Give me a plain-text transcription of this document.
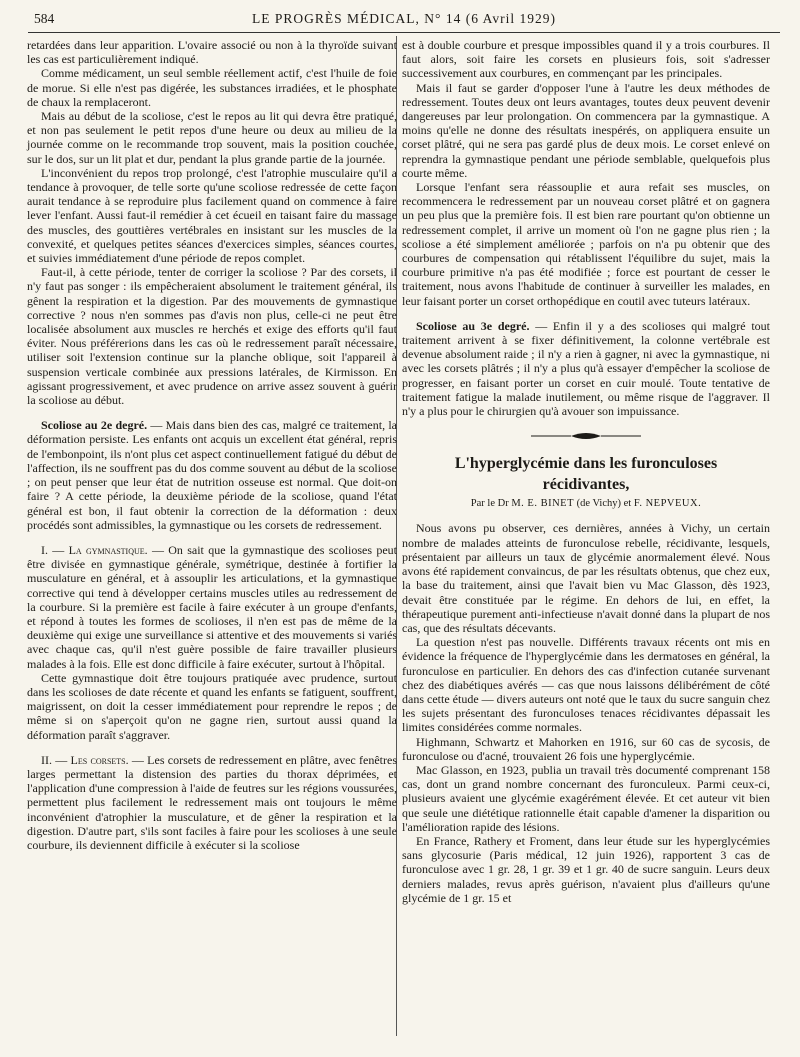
584	LE PROGRÈS MÉDICAL, N° 14 (6 Avril 1929)

retardées dans leur apparition. L'ovaire associé ou non à la thyroïde suivant les cas est particulièrement indiqué.

Comme médicament, un seul semble réellement actif, c'est l'huile de foie de morue. Si elle n'est pas digérée, les substances irradiées, et le phosphate de chaux la remplaceront.

Mais au début de la scoliose, c'est le repos au lit qui devra être pratiqué, et non pas seulement le petit repos d'une heure ou deux au milieu de la journée comme on le recommande trop souvent, mais la position couchée, sur le dos, sur un lit plat et dur, pendant la plus grande partie de la journée.

L'inconvénient du repos trop prolongé, c'est l'atrophie musculaire qu'il a tendance à provoquer, de telle sorte qu'une scoliose redressée de cette façon aurait tendance à se reproduire plus facilement quand on commence à faire lever l'enfant. Aussi faut-il remédier à cet écueil en taisant faire du massage des muscles, des gouttières vertébrales en insistant sur les muscles de la convexité, et quelques petites séances d'exercices simples, séances courtes, et suivies immédiatement d'une période de repos complet.

Faut-il, à cette période, tenter de corriger la scoliose ? Par des corsets, il n'y faut pas songer : ils empêcheraient absolument le traitement général, ils gênent la respiration et la digestion. Par des mouvements de gymnastique corrective ? nous n'en sommes pas d'avis non plus, celle-ci ne peut être localisée absolument aux muscles re herchés et exige des efforts qu'il faut éviter. Nous préférerions dans les cas où le redressement paraît nécessaire, utiliser soit l'extension continue sur la planche oblique, soit l'appareil à suspension verticale combinée aux pressions latérales, de Kirmisson. En agissant progressivement, et avec prudence on arrive assez souvent à guérir la scoliose au début.

Scoliose au 2e degré. — Mais dans bien des cas, malgré ce traitement, la déformation persiste. Les enfants ont acquis un excellent état général, repris de l'embonpoint, ils n'ont plus cet aspect continuellement fatigué du début de l'affection, ils ne souffrent pas du dos comme souvent au début de la scoliose ; on peut penser que leur état de nutrition osseuse est normal. Que doit-on faire ? A cette période, la deuxième période de la scoliose, quand l'état général est bon, il faut obtenir la correction de la déformation : deux procédés sont admissibles, la gymnastique ou les corsets de redressement.

I. — La gymnastique. — On sait que la gymnastique des scolioses peut être divisée en gymnastique générale, symétrique, destinée à fortifier la musculature en général, et à assouplir les articulations, et la gymnastique corrective qui tend à développer certains muscles utiles au redressement de la courbure. Si la première est facile à faire exécuter à un groupe d'enfants, et répond à toutes les formes de scolioses, il n'en est pas de même de la deuxième qui exige une surveillance si attentive et des mouvements si variés avec chaque cas, qu'il n'est guère possible de faire travailler plusieurs malades à la fois. Elle est donc difficile à faire exécuter, surtout à l'hôpital.

Cette gymnastique doit être toujours pratiquée avec prudence, surtout dans les scolioses de date récente et quand les enfants se fatiguent, souffrent, maigrissent, on doit la cesser immédiatement pour reprendre le repos ; de même si on s'aperçoit qu'on ne gagne rien, surtout aussi quand la déformation paraît s'aggraver.

II. — Les corsets. — Les corsets de redressement en plâtre, avec fenêtres larges permettant la distension des parties du thorax déprimées, et l'application d'une compression à l'aide de feutres sur les régions voussurées, permettent plus facilement le redressement mais ont toujours le même inconvénient d'atrophier la musculature, et de gêner la respiration et la digestion. D'autre part, s'ils sont faciles à faire pour les scolioses à une seule courbure, ils deviennent difficile à exécuter si la scoliose

est à double courbure et presque impossibles quand il y a trois courbures. Il faut alors, soit faire les corsets en plusieurs fois, soit s'adresser successivement aux courbures, en commençant par les principales.

Mais il faut se garder d'opposer l'une à l'autre les deux méthodes de redressement. Toutes deux ont leurs avantages, toutes deux peuvent devenir dangereuses par leur prolongation. On commencera par la gymnastique. A moins qu'elle ne donne des résultats inespérés, on appliquera ensuite un corset plâtré, qui ne sera pas gardé plus de deux mois. Le corset enlevé on reprendra la gymnastique pendant une période semblable, quelquefois plus courte même.

Lorsque l'enfant sera réassouplie et aura refait ses muscles, on recommencera le redressement par un nouveau corset plâtré et on gagnera un peu plus que la première fois. Il est bien rare pourtant qu'on obtienne un redressement complet, il arrive un moment où l'on ne gagne plus rien ; la scoliose a été simplement améliorée ; parfois on n'a pu obtenir que des courbures de compensation qui rétablissent l'équilibre du sujet, mais la courbure primitive n'a pas été modifiée ; force est pourtant de cesser le traitement, nous avons l'habitude de continuer à surveiller les malades, en leur faisant porter un corset orthopédique en coutil avec tuteurs latéraux.

Scoliose au 3e degré. — Enfin il y a des scolioses qui malgré tout traitement arrivent à se fixer définitivement, la colonne vertébrale est devenue absolument raide ; il n'y a rien à gagner, ni avec la gymnastique, ni avec les corsets plâtrés ; il n'y a plus qu'à essayer d'empêcher la scoliose de progresser, en faisant porter un corset en cuir moulé. Toute tentative de traitement fatigue la malade inutilement, ou même risque de l'aggraver. Il n'y a plus pour le chirurgien qu'à avouer son impuissance.

L'hyperglycémie dans les furonculoses
récidivantes,
Par le Dr M. E. BINET (de Vichy) et F. NEPVEUX.

Nous avons pu observer, ces dernières, années à Vichy, un certain nombre de malades atteints de furonculose rebelle, récidivante, lesquels, présentaient par ailleurs un taux de glycémie anormalement élevé. Nous avons été rapidement convaincus, de par les résultats obtenus, que chez eux, la base du traitement, ainsi que l'avait bien vu Mac Glasson, dès 1923, devait être constituée par le régime. En dehors de lui, en effet, la thérapeutique purement anti-infectieuse n'avait donné dans la plupart de nos cas, que des résultats décevants.

La question n'est pas nouvelle. Différents travaux récents ont mis en évidence la fréquence de l'hyperglycémie dans les dermatoses en général, la furonculose en particulier. En dehors des cas d'infection cutanée survenant chez des diabétiques avérés — cas que nous laissons délibérément de côté dans cette étude — divers auteurs ont noté que le taux du sucre sanguin chez les sujets présentant des furonculoses tenaces récidivantes dépassait les limites considérées comme normales.

Highmann, Schwartz et Mahorken en 1916, sur 60 cas de sycosis, de furonculose ou d'acné, trouvaient 26 fois une hyperglycémie.

Mac Glasson, en 1923, publia un travail très documenté comprenant 158 cas, dont un grand nombre concernant des furonculeux. Parmi ceux-ci, plusieurs avaient une glycémie exagérément élevée. Et cet auteur vit bien que seule une diététique rationnelle était capable d'amener la disparition ou l'amélioration rapide des lésions.

En France, Rathery et Froment, dans leur étude sur les hyperglycémies sans glycosurie (Paris médical, 12 juin 1926), rapportent 3 cas de furonculose avec 1 gr. 28, 1 gr. 39 et 1 gr. 40 de sucre sanguin. Leurs deux derniers malades, revus après guérison, n'avaient plus d'ailleurs qu'une glycémie de 1 gr. 15 et
